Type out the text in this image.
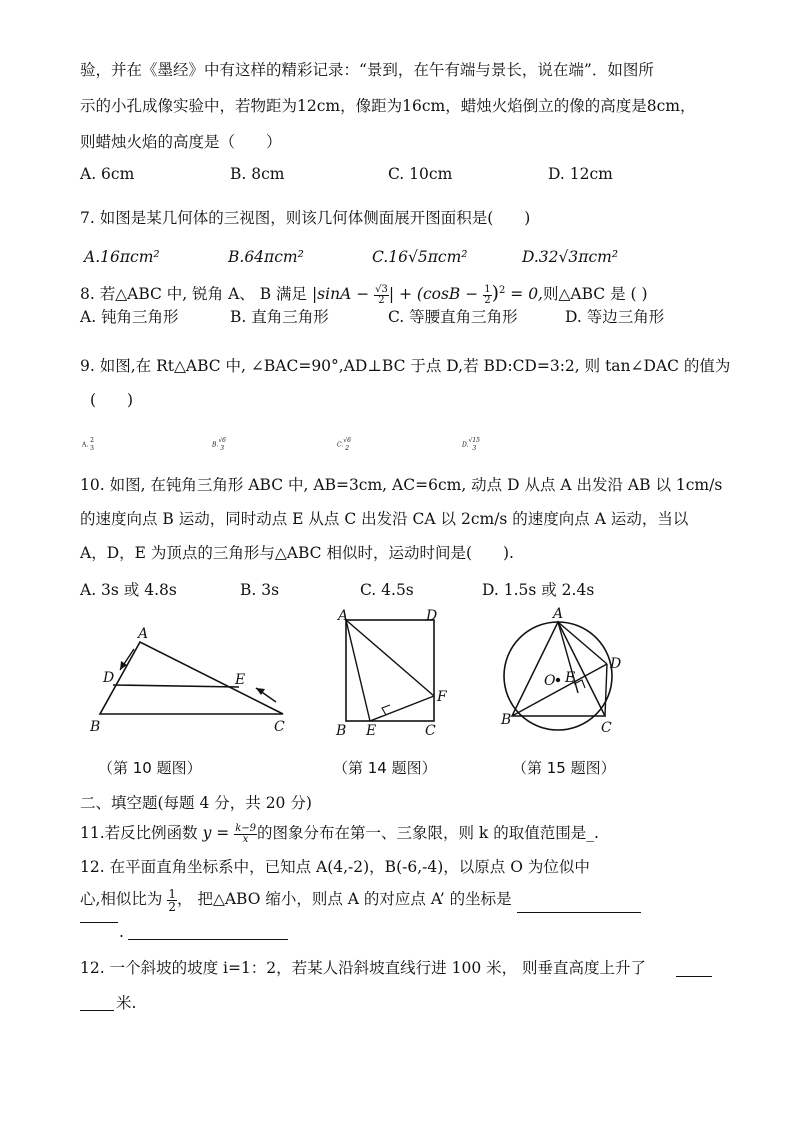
验，并在《墨经》中有这样的精彩记录：“景到，在午有端与景长，说在端”．如图所
示的小孔成像实验中，若物距为12cm，像距为16cm，蜡烛火焰倒立的像的高度是8cm，
则蜡烛火焰的高度是（　　）
A. 6cm	B. 8cm	C. 10cm	D. 12cm
7. 如图是某几何体的三视图，则该几何体侧面展开图面积是(　　)
A.16πcm²	B.64πcm²	C.16√5πcm²	D.32√3πcm²
8. 若△ABC 中, 锐角 A、 B 满足 $|\sin A - \frac{√3}{2}$ | + $(\cos B - \frac{1}{2} )^2 = 0$,则△ABC 是 ( )
A. 钝角三角形	B. 直角三角形	C. 等腰直角三角形	D. 等边三角形
9. 如图,在 Rt△ABC 中, ∠BAC=90°,AD⊥BC 于点 D,若 BD:CD=3:2, 则 tan∠DAC 的值为
(　　)
A.
2
3	B.
√6
3	C.
√6
2	D.
√15
3
10. 如图, 在钝角三角形 ABC 中, AB=3cm, AC=6cm, 动点 D 从点 A 出发沿 AB 以 1cm/s
的速度向点 B 运动，同时动点 E 从点 C 出发沿 CA 以 2cm/s 的速度向点 A 运动，当以
A，D，E 为顶点的三角形与△ABC 相似时，运动时间是(　　).
A. 3s 或 4.8s	B. 3s	C. 4.5s	D. 1.5s 或 2.4s
A
D	E
B	C
（第 10 题图）
A	D
F
B E	C
（第 14 题图）
A
D
O E
B	C
（第 15 题图）
二、填空题(每题 4 分，共 20 分)
11.若反比例函数 $y = \frac{k-9}{x}$ 的图象分布在第一、三象限，则 k 的取值范围是_.
12. 在平面直角坐标系中，已知点 A(4,-2)，B(-6,-4)，以原点 O 为位似中
心,相似比为 $\frac{1}{2}$ ， 把△ABO 缩小，则点 A 的对应点 A’ 的坐标是
.
12. 一个斜坡的坡度 i=1：2，若某人沿斜坡直线行进 100 米， 则垂直高度上升了
米.
